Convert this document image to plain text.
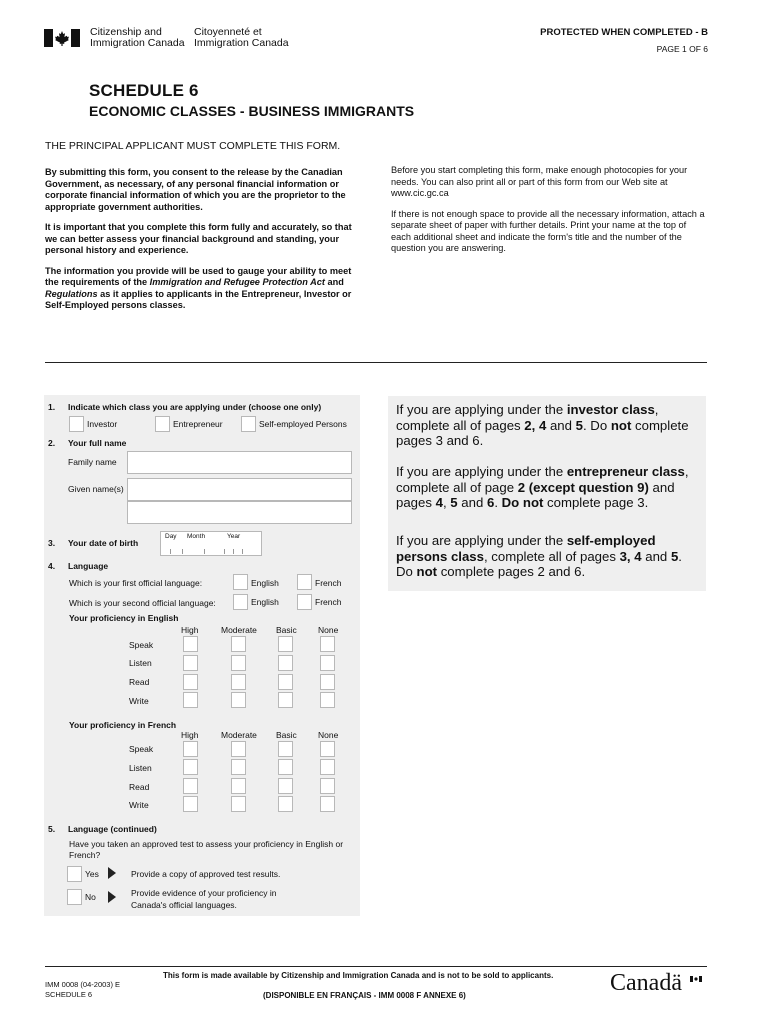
Citizenship and
Immigration Canada
Citoyenneté et
Immigration Canada
PROTECTED WHEN COMPLETED - B
PAGE 1 OF 6
SCHEDULE 6
ECONOMIC CLASSES - BUSINESS IMMIGRANTS
THE PRINCIPAL APPLICANT MUST COMPLETE THIS FORM.

By submitting this form, you consent to the release by the Canadian Government, as necessary, of any personal financial information or corporate financial information of which you are the proprietor to the appropriate government authorities.

It is important that you complete this form fully and accurately, so that we can better assess your financial background and standing, your personal history and experience.

The information you provide will be used to gauge your ability to meet the requirements of the Immigration and Refugee Protection Act and Regulations as it applies to applicants in the Entrepreneur, Investor or Self-Employed persons classes.

Before you start completing this form, make enough photocopies for your needs. You can also print all or part of this form from our Web site at www.cic.gc.ca

If there is not enough space to provide all the necessary information, attach a separate sheet of paper with further details. Print your name at the top of each additional sheet and indicate the form's title and the number of the question you are answering.

1. Indicate which class you are applying under (choose one only)
Investor	Entrepreneur	Self-employed Persons
2. Your full name
Family name
Given name(s)
3. Your date of birth
Day Month	Year
4. Language
Which is your first official language:	English	French
Which is your second official language:	English	French
Your proficiency in English
High	Moderate Basic None
Speak
Listen
Read
Write
Your proficiency in French
High	Moderate Basic None
Speak
Listen
Read
Write
5. Language (continued)
Have you taken an approved test to assess your proficiency in English or French?
Yes	Provide a copy of approved test results.
No	Provide evidence of your proficiency in Canada's official languages.

If you are applying under the investor class, complete all of pages 2, 4 and 5. Do not complete pages 3 and 6.

If you are applying under the entrepreneur class, complete all of page 2 (except question 9) and pages 4, 5 and 6. Do not complete page 3.

If you are applying under the self-employed persons class, complete all of pages 3, 4 and 5. Do not complete pages 2 and 6.

IMM 0008 (04-2003) E
SCHEDULE 6
This form is made available by Citizenship and Immigration Canada and is not to be sold to applicants.
(DISPONIBLE EN FRANÇAIS - IMM 0008 F ANNEXE 6)	Canadä
